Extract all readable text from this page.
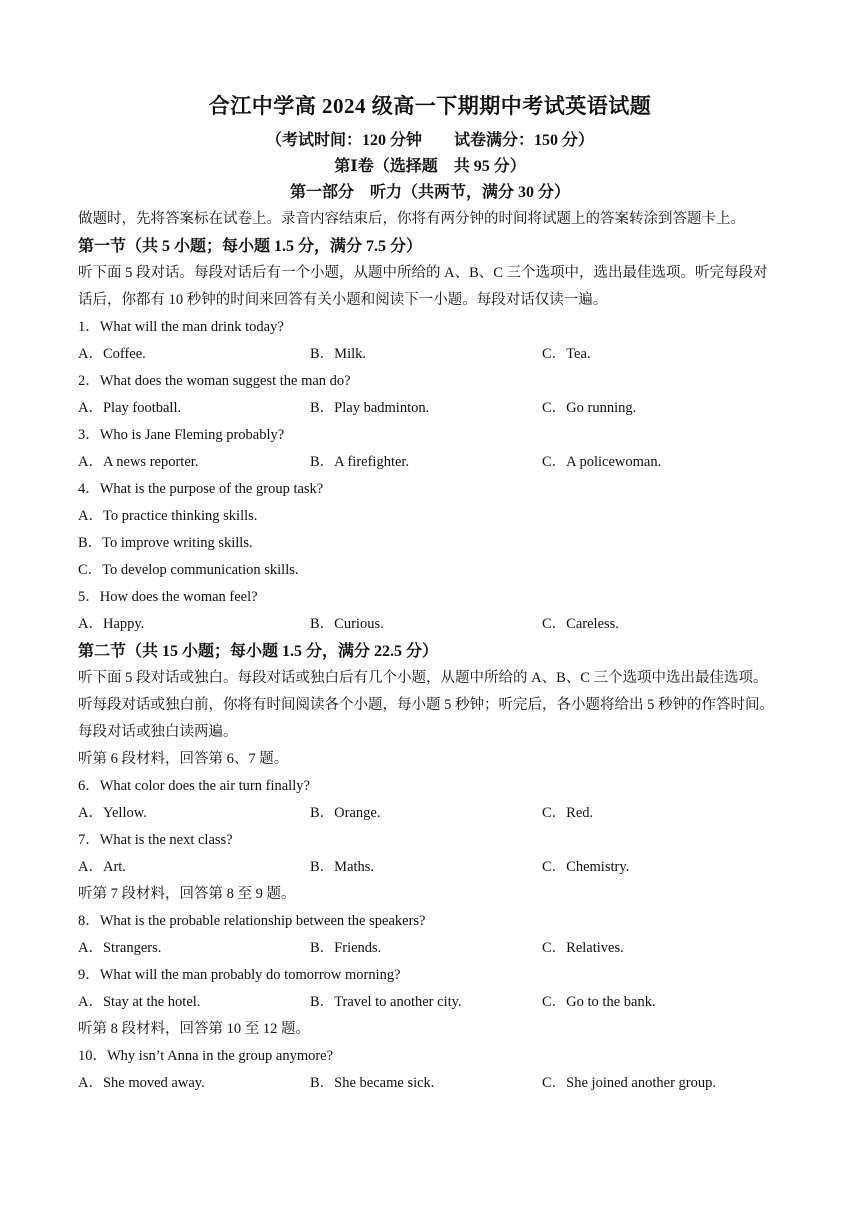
合江中学高 2024 级高一下期期中考试英语试题
（考试时间：120 分钟　　试卷满分：150 分）
第Ⅰ卷（选择题　共 95 分）
第一部分　听力（共两节，满分 30 分）
做题时，先将答案标在试卷上。录音内容结束后，你将有两分钟的时间将试题上的答案转涂到答题卡上。
第一节（共 5 小题；每小题 1.5 分，满分 7.5 分）
听下面 5 段对话。每段对话后有一个小题，从题中所给的 A、B、C 三个选项中，选出最佳选项。听完每段对话后，你都有 10 秒钟的时间来回答有关小题和阅读下一小题。每段对话仅读一遍。
1．What will the man drink today?
A．Coffee.	B．Milk.	C．Tea.
2．What does the woman suggest the man do?
A．Play football.	B．Play badminton.	C．Go running.
3．Who is Jane Fleming probably?
A．A news reporter.	B．A firefighter.	C．A policewoman.
4．What is the purpose of the group task?
A．To practice thinking skills.
B．To improve writing skills.
C．To develop communication skills.
5．How does the woman feel?
A．Happy.	B．Curious.	C．Careless.
第二节（共 15 小题；每小题 1.5 分，满分 22.5 分）
听下面 5 段对话或独白。每段对话或独白后有几个小题，从题中所给的 A、B、C 三个选项中选出最佳选项。听每段对话或独白前，你将有时间阅读各个小题，每小题 5 秒钟；听完后，各小题将给出 5 秒钟的作答时间。每段对话或独白读两遍。
听第 6 段材料，回答第 6、7 题。
6．What color does the air turn finally?
A．Yellow.	B．Orange.	C．Red.
7．What is the next class?
A．Art.	B．Maths.	C．Chemistry.
听第 7 段材料，回答第 8 至 9 题。
8．What is the probable relationship between the speakers?
A．Strangers.	B．Friends.	C．Relatives.
9．What will the man probably do tomorrow morning?
A．Stay at the hotel.	B．Travel to another city.	C．Go to the bank.
听第 8 段材料，回答第 10 至 12 题。
10．Why isn’t Anna in the group anymore?
A．She moved away.	B．She became sick.	C．She joined another group.
